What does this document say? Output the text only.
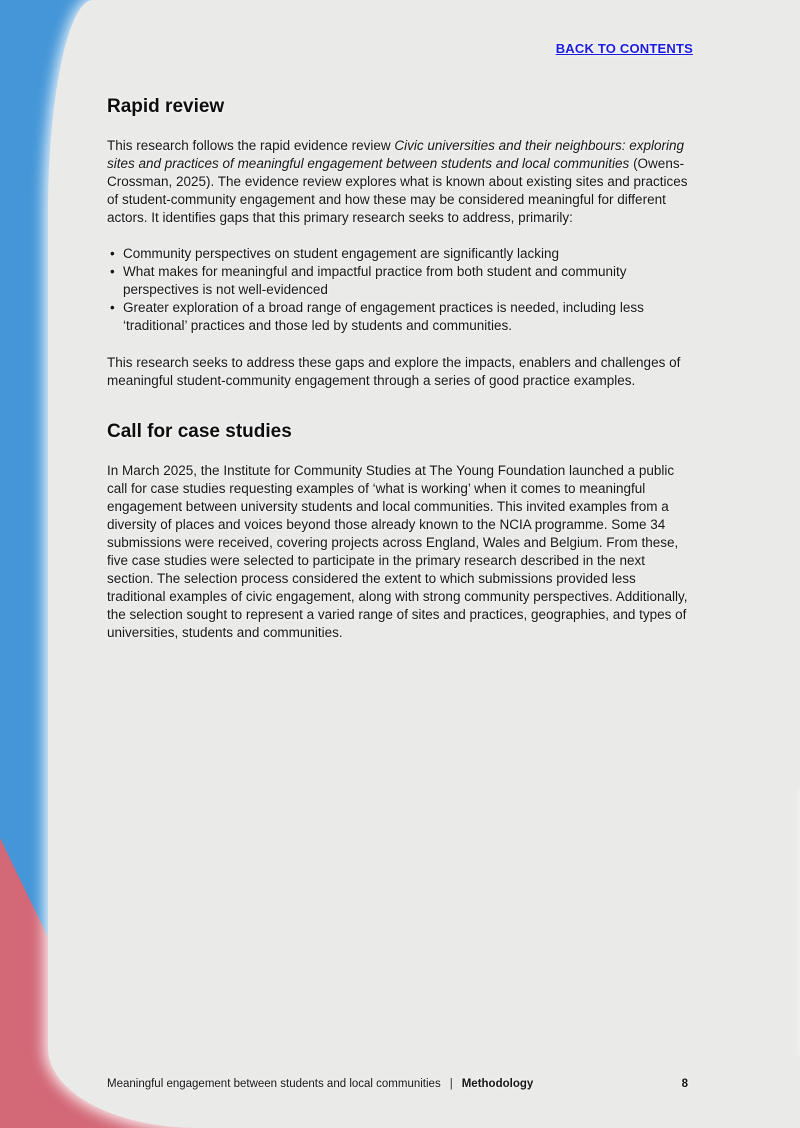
BACK TO CONTENTS
Rapid review

This research follows the rapid evidence review Civic universities and their neighbours: exploring sites and practices of meaningful engagement between students and local communities (Owens-Crossman, 2025). The evidence review explores what is known about existing sites and practices of student-community engagement and how these may be considered meaningful for different actors. It identifies gaps that this primary research seeks to address, primarily:

• Community perspectives on student engagement are significantly lacking
• What makes for meaningful and impactful practice from both student and community perspectives is not well-evidenced
• Greater exploration of a broad range of engagement practices is needed, including less ‘traditional’ practices and those led by students and communities.

This research seeks to address these gaps and explore the impacts, enablers and challenges of meaningful student-community engagement through a series of good practice examples.

Call for case studies

In March 2025, the Institute for Community Studies at The Young Foundation launched a public call for case studies requesting examples of ‘what is working’ when it comes to meaningful engagement between university students and local communities. This invited examples from a diversity of places and voices beyond those already known to the NCIA programme. Some 34 submissions were received, covering projects across England, Wales and Belgium. From these, five case studies were selected to participate in the primary research described in the next section. The selection process considered the extent to which submissions provided less traditional examples of civic engagement, along with strong community perspectives. Additionally, the selection sought to represent a varied range of sites and practices, geographies, and types of universities, students and communities.

Meaningful engagement between students and local communities | Methodology	8
